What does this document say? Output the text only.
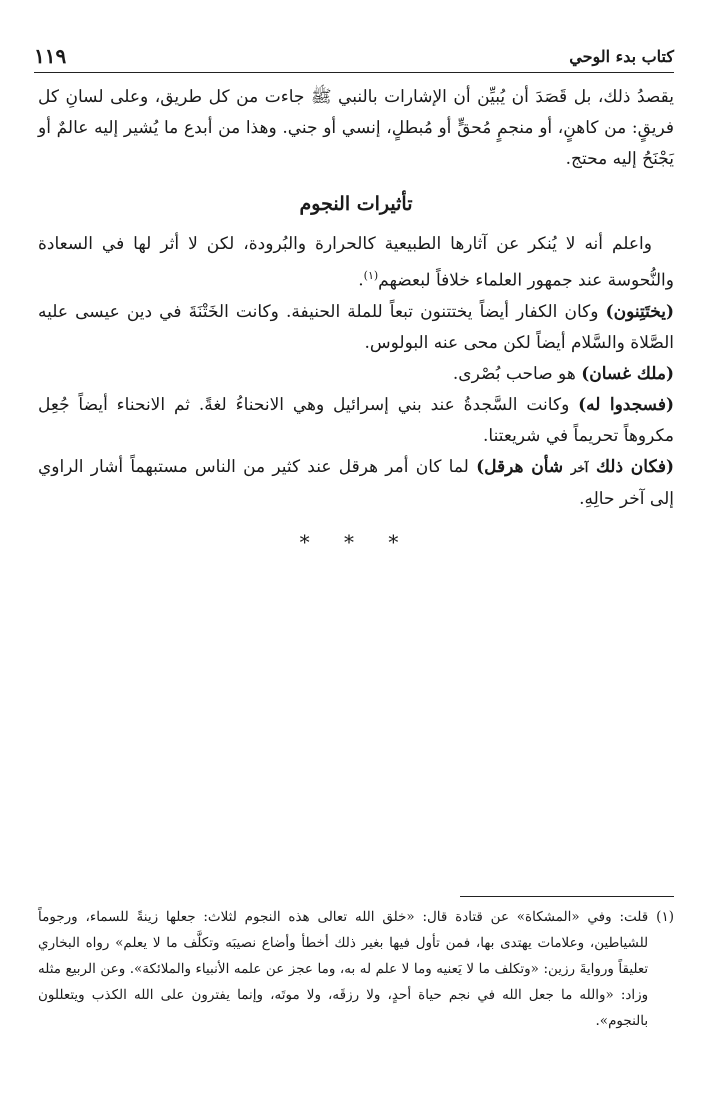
١١٩	كتاب بدء الوحي

يقصدُ ذلك، بل قَصَدَ أن يُبيِّن أن الإشارات بالنبي ﷺ جاءت من كل طريق، وعلى لسانِ كل فريقٍ: من كاهنٍ، أو منجمٍ مُحقٍّ أو مُبطلٍ، إنسي أو جني. وهذا من أبدع ما يُشير إليه عالمٌ أو يَجْنَحُ إليه محتج.

تأثيرات النجوم

واعلم أنه لا يُنكر عن آثارها الطبيعية كالحرارة والبُرودة، لكن لا أثر لها في السعادة والنُّحوسة عند جمهور العلماء خلافاً لبعضهم$^{(١)}$.

(يختَتِنون) وكان الكفار أيضاً يختتنون تبعاً للملة الحنيفة. وكانت الخَتْنَةَ في دين عيسى عليه الصَّلاة والسَّلام أيضاً لكن محى عنه البولوس.

(ملك غسان) هو صاحب بُصْرى.

(فسجدوا له) وكانت السَّجدةُ عند بني إسرائيل وهي الانحناءُ لغةً. ثم الانحناء أيضاً جُعِل مكروهاً تحريماً في شريعتنا.

(فكان ذلك آخر شأن هرقل) لما كان أمر هرقل عند كثير من الناس مستبهماً أشار الراوي إلى آخر حالِهِ.

* * *
(١)
قلت: وفي «المشكاة» عن قتادة قال: «خلق الله تعالى هذه النجوم لثلاث: جعلها زينةً للسماء، ورجوماً للشياطين، وعلامات يهتدى بها، فمن تأول فيها بغير ذلك أخطأ وأضاع نصيبَه وتكلَّف ما لا يعلم» رواه البخاري تعليقاً وروايةَ رزين: «وتكلف ما لا يَعنيه وما لا علم له به، وما عجز عن علمه الأنبياء والملائكة». وعن الربيع مثله وزاد: «والله ما جعل الله في نجم حياة أحدٍ، ولا رزقَه، ولا موتَه، وإنما يفترون على الله الكذب ويتعللون بالنجوم».
